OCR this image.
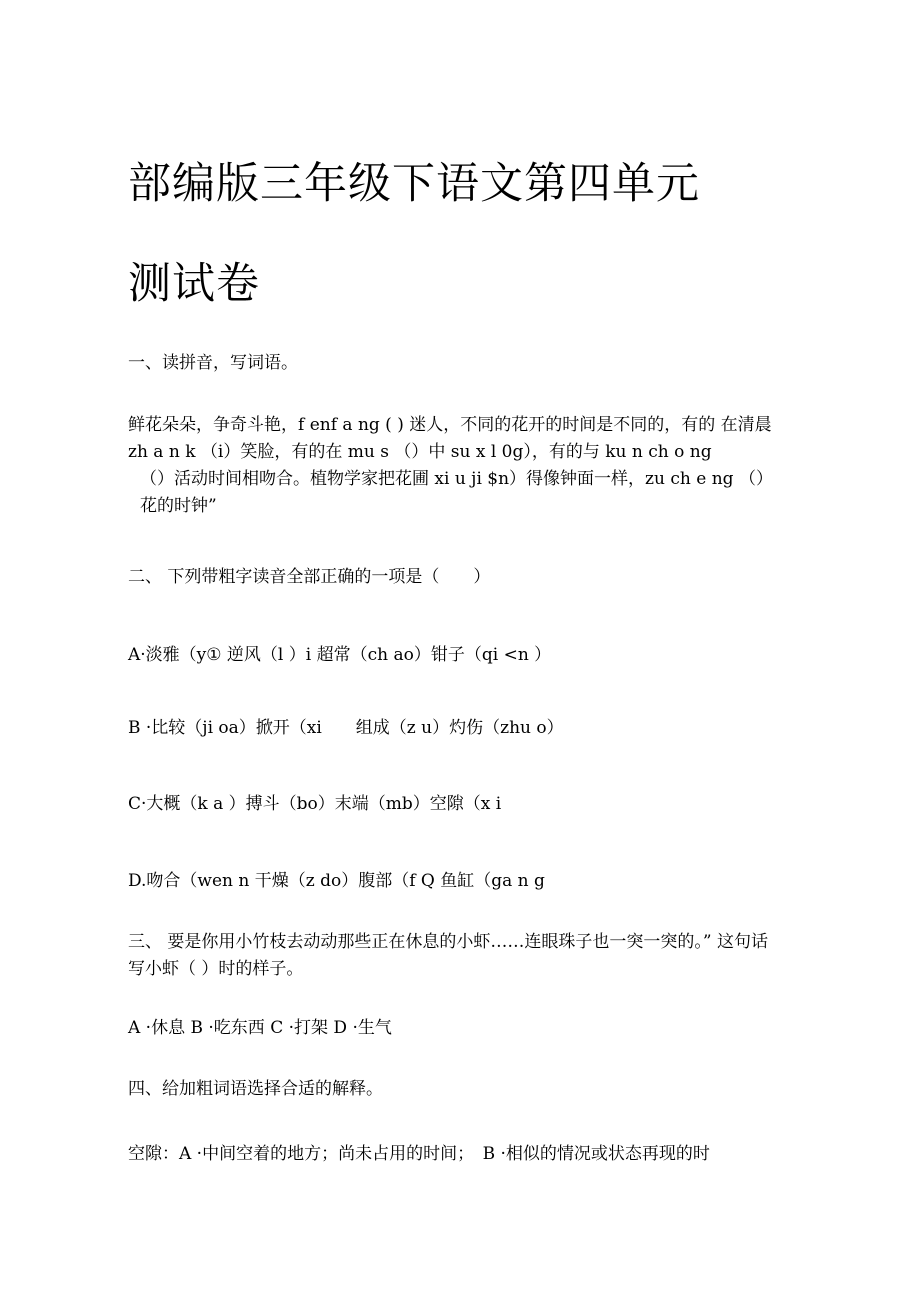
部编版三年级下语文第四单元
测试卷

一、读拼音，写词语。

鲜花朵朵，争奇斗艳，f enf a ng ( ) 迷人，不同的花开的时间是不同的，有的 在清晨
zh a n k （i）笑脸，有的在 mu s （）中 su x l 0g），有的与 ku n ch o ng
（）活动时间相吻合。植物学家把花圃 xi u ji $n）得像钟面一样，zu ch e ng （）
花的时钟”

二、 下列带粗字读音全部正确的一项是（　　）

A·淡雅（y① 逆风（l ）i 超常（ch ao）钳子（qi <n ）

B ·比较（ji oa）掀开（xi　　组成（z u）灼伤（zhu o）

C·大概（k a ）搏斗（bo）末端（mb）空隙（x i

D.吻合（wen n 干燥（z do）腹部（f Q 鱼缸（ga n g

三、 要是你用小竹枝去动动那些正在休息的小虾……连眼珠子也一突一突的。” 这句话
写小虾（ ）时的样子。

A ·休息 B ·吃东西 C ·打架 D ·生气

四、给加粗词语选择合适的解释。

空隙：A ·中间空着的地方；尚未占用的时间；　B ·相似的情况或状态再现的时
